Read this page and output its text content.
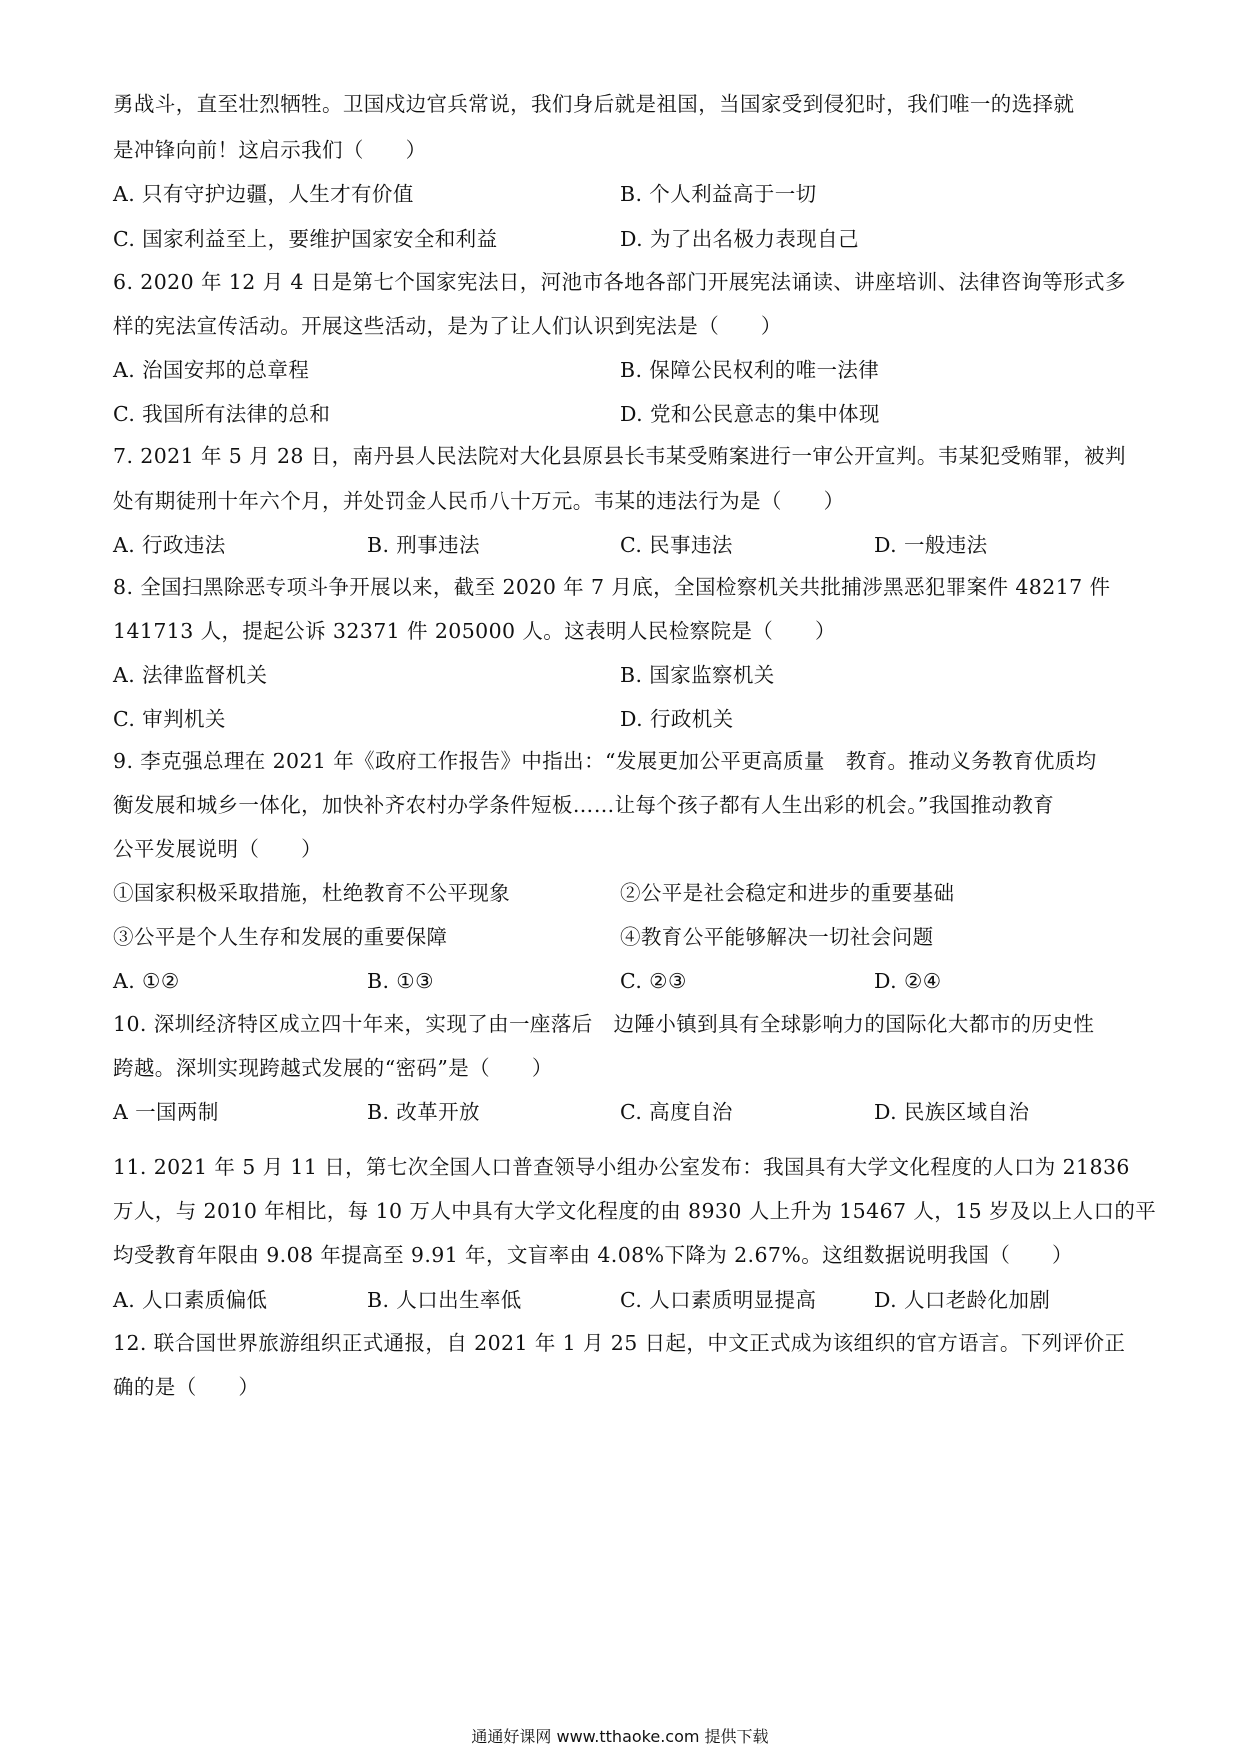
勇战斗，直至壮烈牺牲。卫国戍边官兵常说，我们身后就是祖国，当国家受到侵犯时，我们唯一的选择就
是冲锋向前！这启示我们（　　）
A. 只有守护边疆，人生才有价值	B. 个人利益高于一切
C. 国家利益至上，要维护国家安全和利益	D. 为了出名极力表现自己
6. 2020 年 12 月 4 日是第七个国家宪法日，河池市各地各部门开展宪法诵读、讲座培训、法律咨询等形式多
样的宪法宣传活动。开展这些活动，是为了让人们认识到宪法是（　　）
A. 治国安邦的总章程	B. 保障公民权利的唯一法律
C. 我国所有法律的总和	D. 党和公民意志的集中体现
7. 2021 年 5 月 28 日，南丹县人民法院对大化县原县长韦某受贿案进行一审公开宣判。韦某犯受贿罪，被判
处有期徒刑十年六个月，并处罚金人民币八十万元。韦某的违法行为是（　　）
A. 行政违法	B. 刑事违法	C. 民事违法	D. 一般违法
8. 全国扫黑除恶专项斗争开展以来，截至 2020 年 7 月底，全国检察机关共批捕涉黑恶犯罪案件 48217 件
141713 人，提起公诉 32371 件 205000 人。这表明人民检察院是（　　）
A. 法律监督机关	B. 国家监察机关
C. 审判机关	D. 行政机关
9. 李克强总理在 2021 年《政府工作报告》中指出：“发展更加公平更高质量　教育。推动义务教育优质均
衡发展和城乡一体化，加快补齐农村办学条件短板……让每个孩子都有人生出彩的机会。”我国推动教育
公平发展说明（　　）
①国家积极采取措施，杜绝教育不公平现象	②公平是社会稳定和进步的重要基础
③公平是个人生存和发展的重要保障	④教育公平能够解决一切社会问题
A. ①②	B. ①③	C. ②③	D. ②④
10. 深圳经济特区成立四十年来，实现了由一座落后　边陲小镇到具有全球影响力的国际化大都市的历史性
跨越。深圳实现跨越式发展的“密码”是（　　）
A 一国两制	B. 改革开放	C. 高度自治	D. 民族区域自治
11. 2021 年 5 月 11 日，第七次全国人口普查领导小组办公室发布：我国具有大学文化程度的人口为 21836
万人，与 2010 年相比，每 10 万人中具有大学文化程度的由 8930 人上升为 15467 人，15 岁及以上人口的平
均受教育年限由 9.08 年提高至 9.91 年，文盲率由 4.08%下降为 2.67%。这组数据说明我国（　　）
A. 人口素质偏低	B. 人口出生率低	C. 人口素质明显提高	D. 人口老龄化加剧
12. 联合国世界旅游组织正式通报，自 2021 年 1 月 25 日起，中文正式成为该组织的官方语言。下列评价正
确的是（　　）
通通好课网 www.tthaoke.com 提供下载
